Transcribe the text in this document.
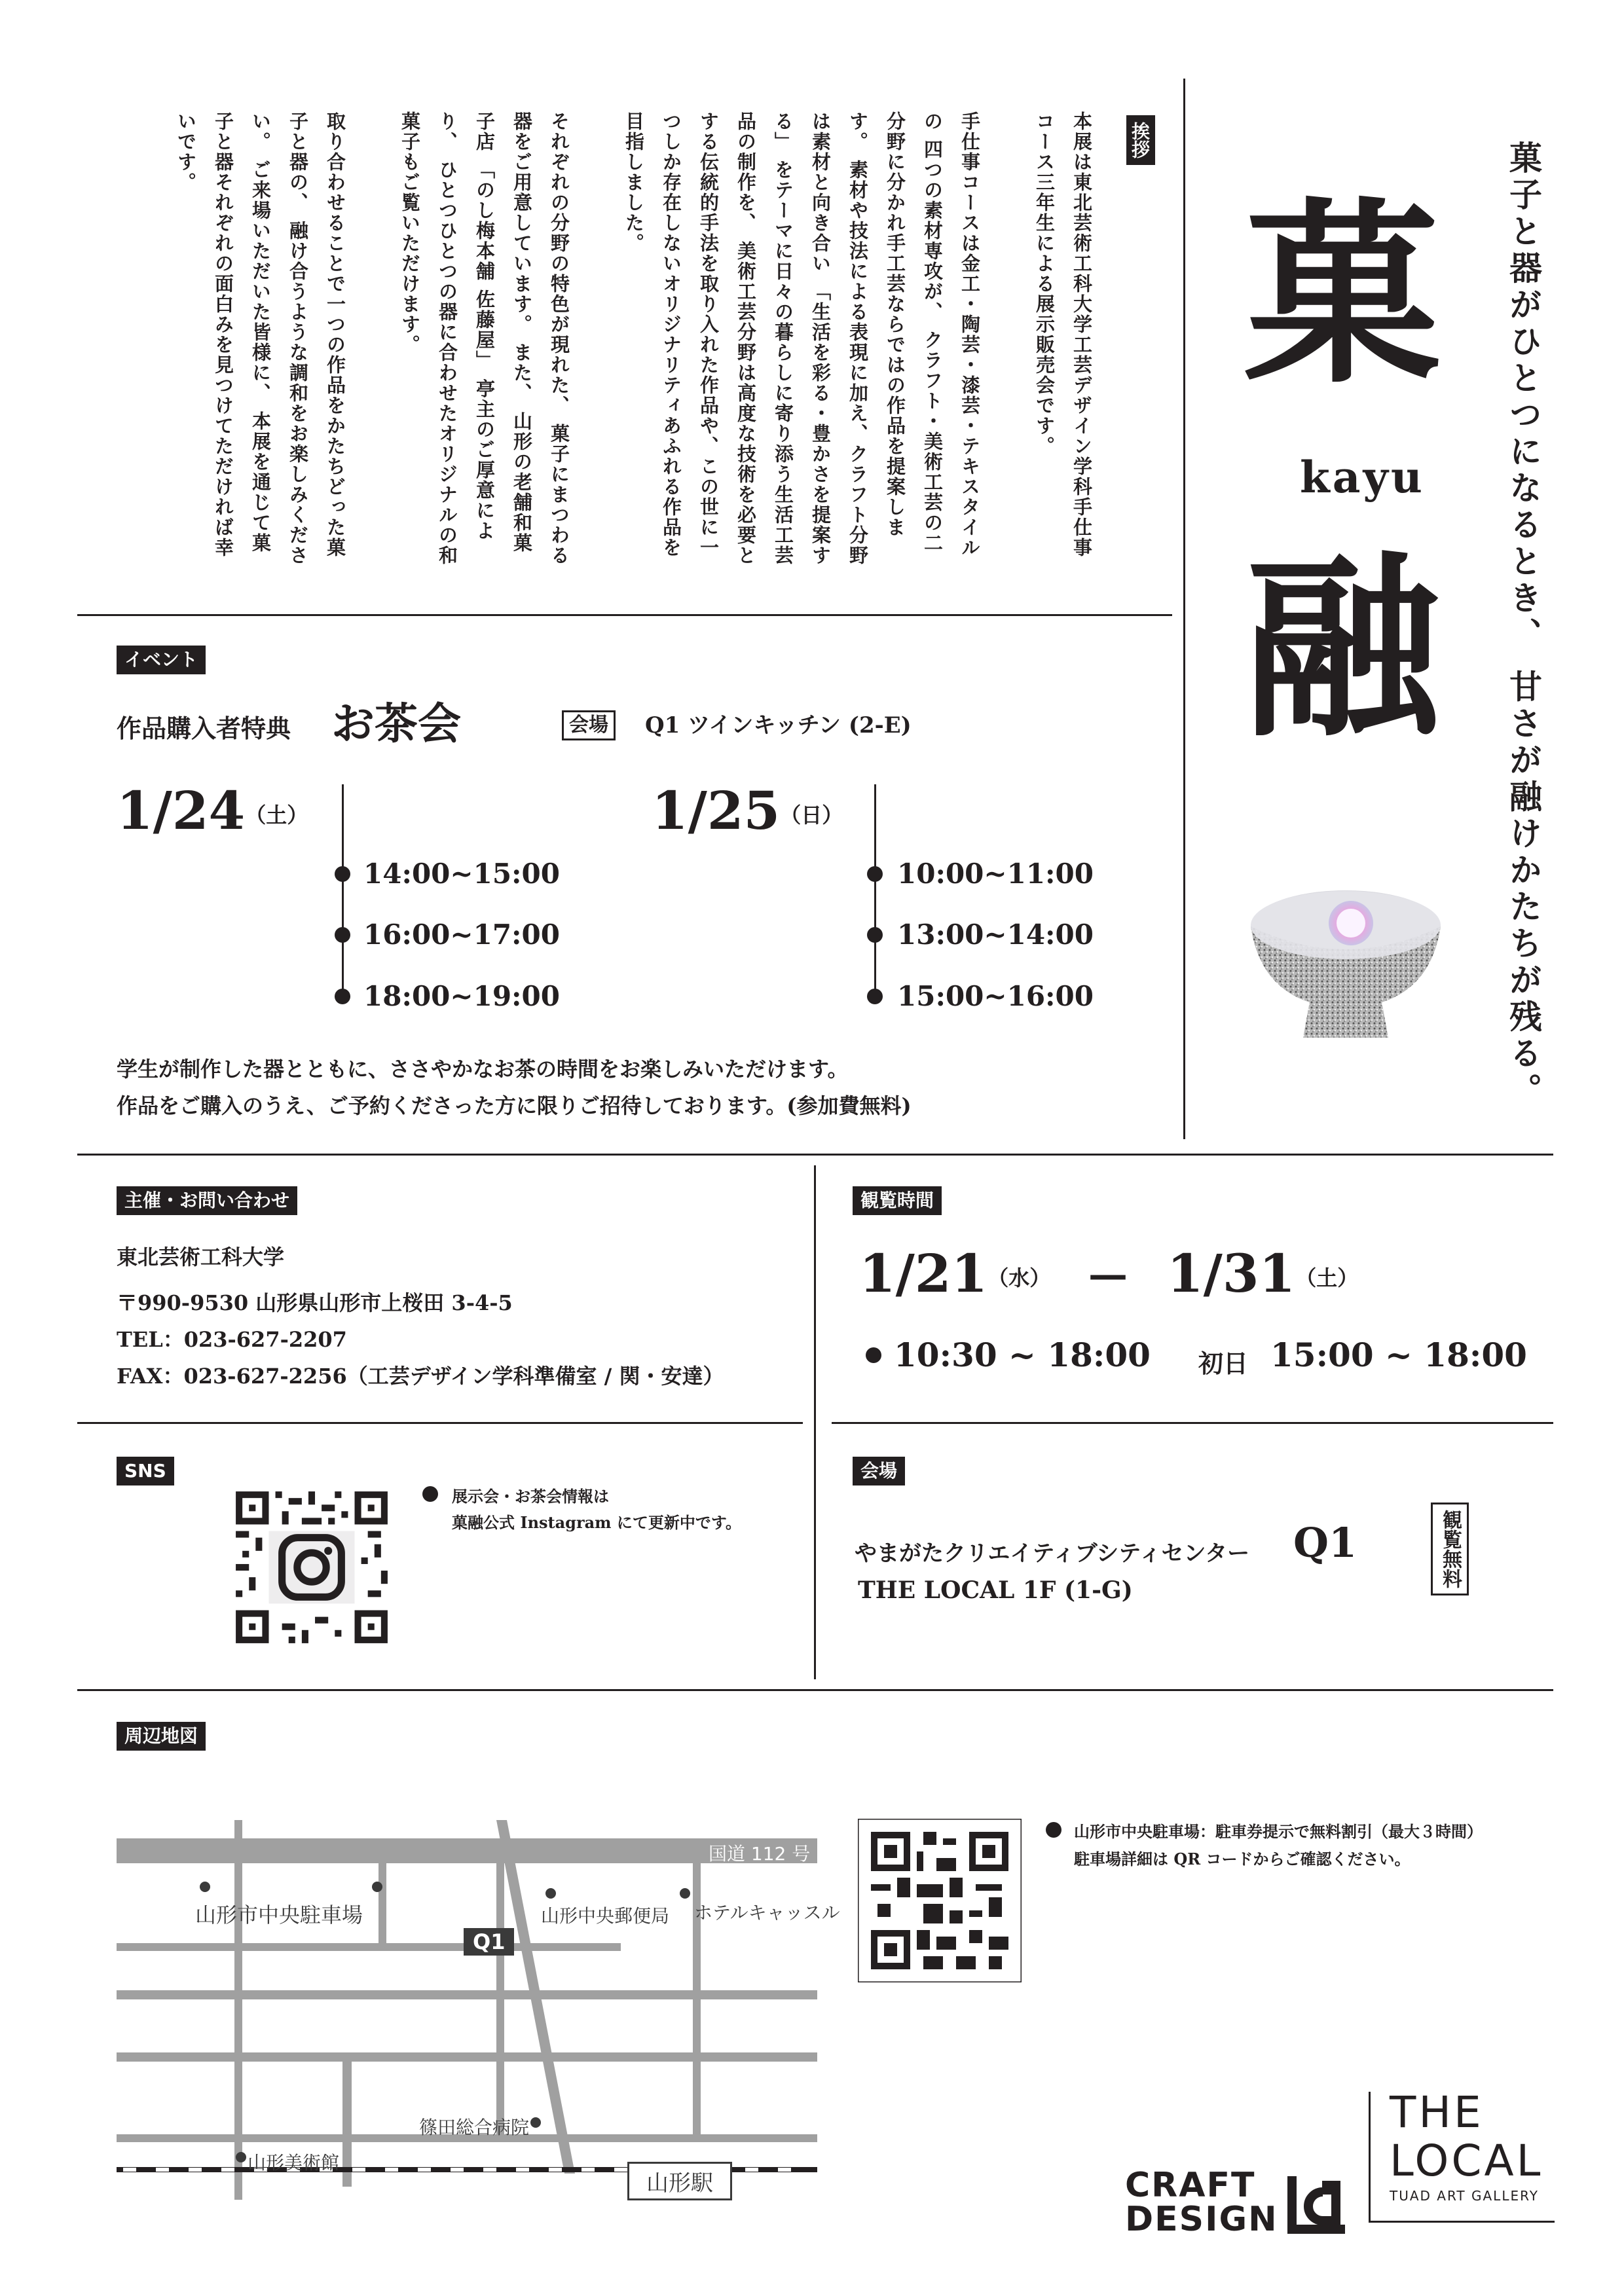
挨拶

本展は東北芸術工科大学工芸デザイン学科手仕事コース三年生による展示販売会です。

手仕事コースは金工・陶芸・漆芸・テキスタイルの 四つの素材専攻が、 クラフト・美術工芸の二分野に分かれ手工芸ならではの作品を提案します。 素材や技法による表現に加え、クラフト分野は素材と向き合い 「生活を彩る・豊かさを提案する」 をテーマに日々の暮らしに寄り添う生活工芸品の制作を、 美術工芸分野は高度な技術を必要とする伝統的手法を取り入れた作品や、この世に一つしか存在しないオリジナリティあふれる作品を目指しました。

それぞれの分野の特色が現れた、 菓子にまつわる器をご用意しています。 また、 山形の老舗和菓子店 「のし梅本舗 佐藤屋」 亭主のご厚意により、 ひとつひとつの器に合わせたオリジナルの和菓子もご覧いただけます。

取り合わせることで一つの作品をかたちどった菓子と器の、 融け合うような調和をお楽しみください。 ご来場いただいた皆様に、 本展を通じて菓子と器それぞれの面白みを見つけてただければ幸いです。

菓
kayu
融 菓子と器がひとつになるとき、 甘さが融けかたちが残る。
イベント
作品購入者特典 お茶会	会場	Q1 ツインキッチン (2-E)
1/24（土）
14:00~15:00
16:00~17:00
18:00~19:00
1/25（日）
10:00~11:00
13:00~14:00
15:00~16:00
学生が制作した器とともに、ささやかなお茶の時間をお楽しみいただけます。
作品をご購入のうえ、ご予約くださった方に限りご招待しております。(参加費無料)
主催・お問い合わせ
東北芸術工科大学
〒990-9530 山形県山形市上桜田 3-4-5
TEL：023-627-2207
FAX：023-627-2256（工芸デザイン学科準備室 / 関・安達）
観覧時間
1/21（水） — 1/31（土）
10:30 ~ 18:00 初日 15:00 ~ 18:00
SNS
展示会・お茶会情報は
菓融公式 Instagram にて更新中です。
会場
やまがたクリエイティブシティセンター Q1
THE LOCAL 1F (1-G)
観覧無料
周辺地図
国道 112 号
山形市中央駐車場
Q1
山形中央郵便局 ホテルキャッスル
篠田総合病院
山形美術館
山形駅
山形市中央駐車場：駐車券提示で無料割引（最大３時間）
駐車場詳細は QR コードからご確認ください。
CRAFT
DESIGN
THE
LOCAL
TUAD ART GALLERY
